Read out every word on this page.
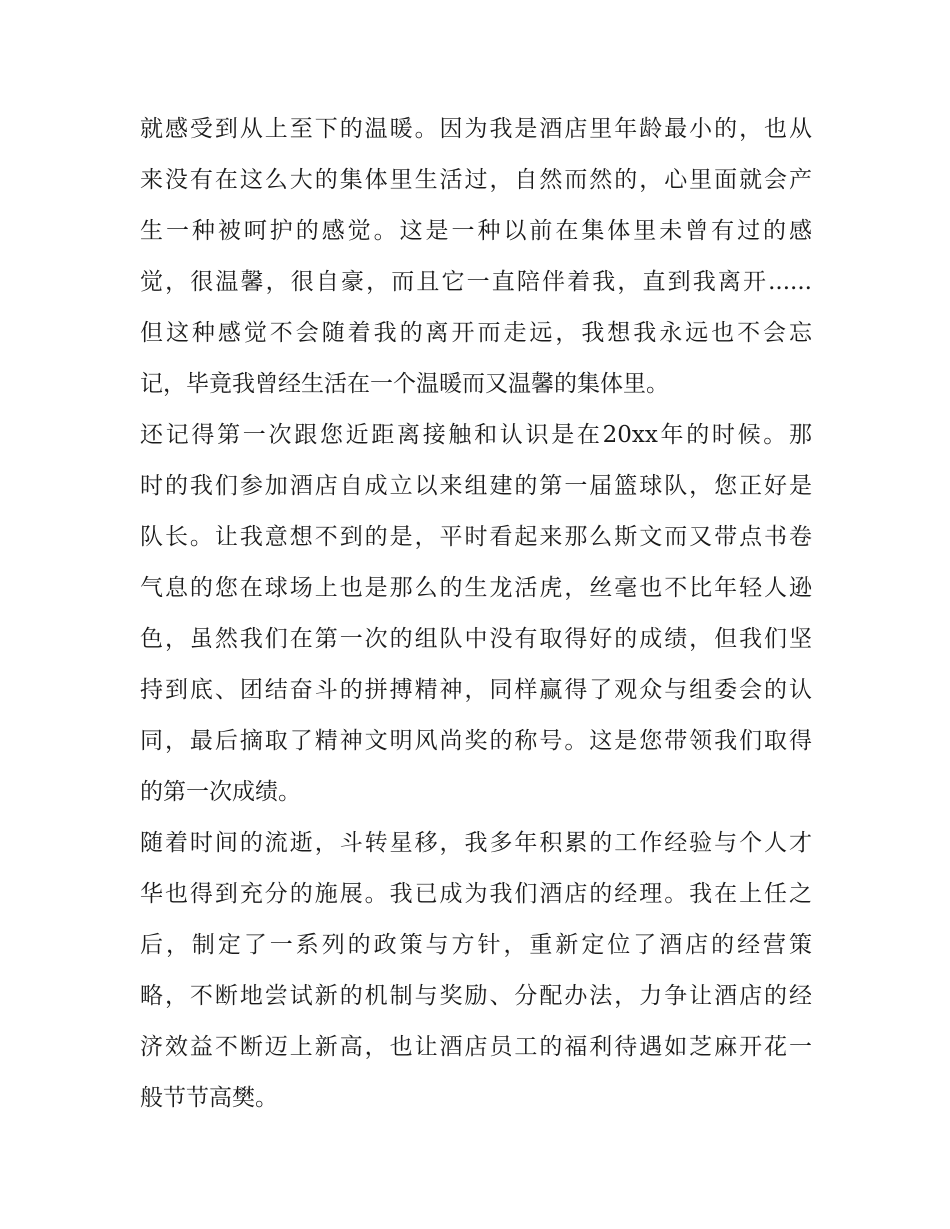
就感受到从上至下的温暖。因为我是酒店里年龄最小的，也从
来没有在这么大的集体里生活过，自然而然的，心里面就会产
生一种被呵护的感觉。这是一种以前在集体里未曾有过的感
觉，很温馨，很自豪，而且它一直陪伴着我，直到我离开......
但这种感觉不会随着我的离开而走远，我想我永远也不会忘
记，毕竟我曾经生活在一个温暖而又温馨的集体里。
还记得第一次跟您近距离接触和认识是在20xx年的时候。那
时的我们参加酒店自成立以来组建的第一届篮球队，您正好是
队长。让我意想不到的是，平时看起来那么斯文而又带点书卷
气息的您在球场上也是那么的生龙活虎，丝毫也不比年轻人逊
色，虽然我们在第一次的组队中没有取得好的成绩，但我们坚
持到底、团结奋斗的拼搏精神，同样赢得了观众与组委会的认
同，最后摘取了精神文明风尚奖的称号。这是您带领我们取得
的第一次成绩。
随着时间的流逝，斗转星移，我多年积累的工作经验与个人才
华也得到充分的施展。我已成为我们酒店的经理。我在上任之
后，制定了一系列的政策与方针，重新定位了酒店的经营策
略，不断地尝试新的机制与奖励、分配办法，力争让酒店的经
济效益不断迈上新高，也让酒店员工的福利待遇如芝麻开花一
般节节高樊。
